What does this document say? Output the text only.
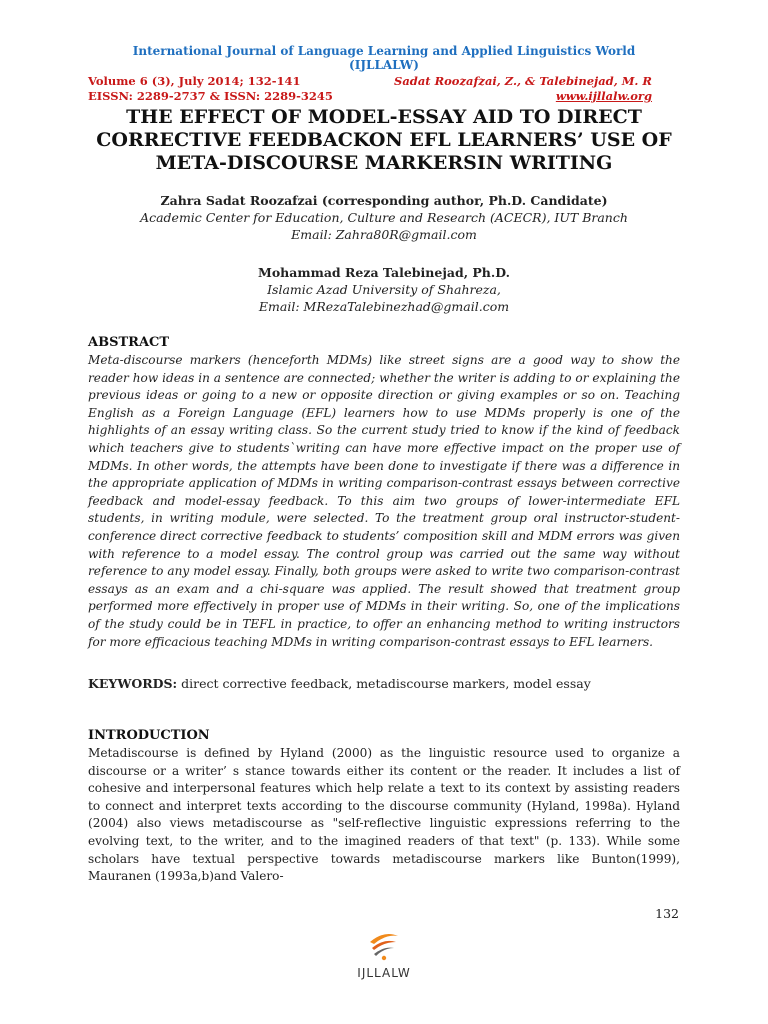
International Journal of Language Learning and Applied Linguistics World
(IJLLALW)
Volume 6 (3), July 2014; 132-141
EISSN: 2289-2737 & ISSN: 2289-3245
Sadat Roozafzai, Z., & Talebinejad, M. R
www.ijllalw.org
THE EFFECT OF MODEL-ESSAY AID TO DIRECT
CORRECTIVE FEEDBACKON EFL LEARNERS’ USE OF
META-DISCOURSE MARKERSIN WRITING
Zahra Sadat Roozafzai (corresponding author, Ph.D. Candidate)
Academic Center for Education, Culture and Research (ACECR), IUT Branch
Email: Zahra80R@gmail.com
Mohammad Reza Talebinejad, Ph.D.
Islamic Azad University of Shahreza,
Email: MRezaTalebinezhad@gmail.com
ABSTRACT

Meta-discourse markers (henceforth MDMs) like street signs are a good way to show the reader how ideas in a sentence are connected; whether the writer is adding to or explaining the previous ideas or going to a new or opposite direction or giving examples or so on. Teaching English as a Foreign Language (EFL) learners how to use MDMs properly is one of the highlights of an essay writing class. So the current study tried to know if the kind of feedback which teachers give to students`writing can have more effective impact on the proper use of MDMs. In other words, the attempts have been done to investigate if there was a difference in the appropriate application of MDMs in writing comparison-contrast essays between corrective feedback and model-essay feedback. To this aim two groups of lower-intermediate EFL students, in writing module, were selected. To the treatment group oral instructor-student-conference direct corrective feedback to students’ composition skill and MDM errors was given with reference to a model essay. The control group was carried out the same way without reference to any model essay. Finally, both groups were asked to write two comparison-contrast essays as an exam and a chi-square was applied. The result showed that treatment group performed more effectively in proper use of MDMs in their writing. So, one of the implications of the study could be in TEFL in practice, to offer an enhancing method to writing instructors for more efficacious teaching MDMs in writing comparison-contrast essays to EFL learners.

KEYWORDS: direct corrective feedback, metadiscourse markers, model essay
INTRODUCTION

Metadiscourse is defined by Hyland (2000) as the linguistic resource used to organize a discourse or a writer’ s stance towards either its content or the reader. It includes a list of cohesive and interpersonal features which help relate a text to its context by assisting readers to connect and interpret texts according to the discourse community (Hyland, 1998a). Hyland (2004) also views metadiscourse as "self-reflective linguistic expressions referring to the evolving text, to the writer, and to the imagined readers of that text" (p. 133). While some scholars have textual perspective towards metadiscourse markers like Bunton(1999), Mauranen (1993a,b)and Valero-

132
IJLLALW
